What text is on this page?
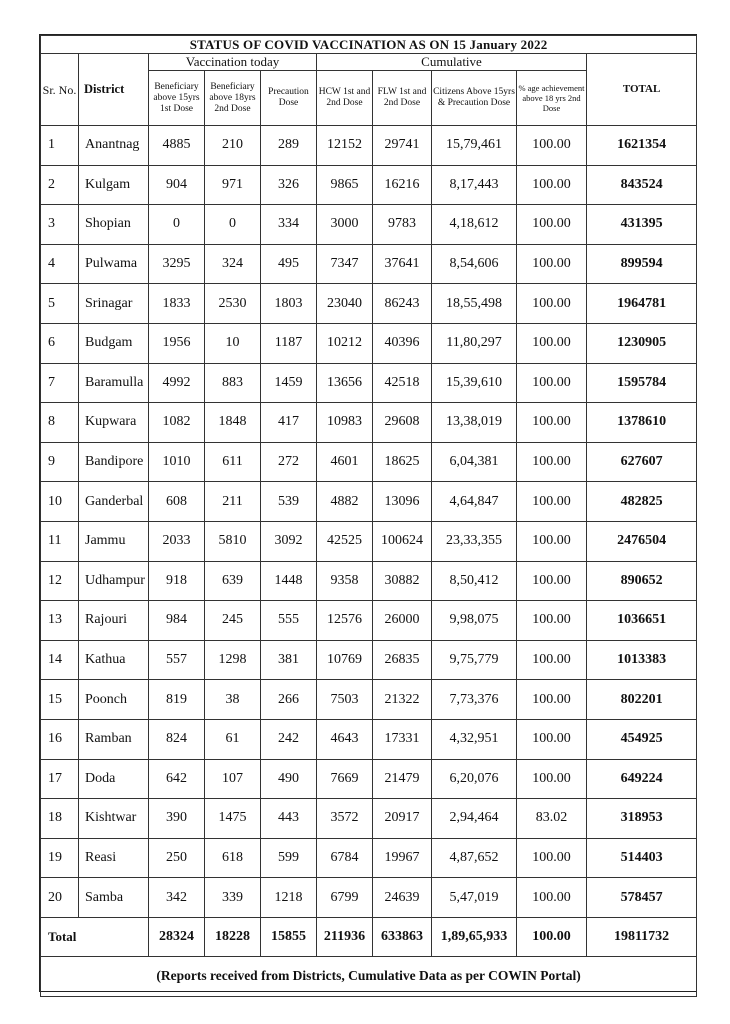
STATUS OF COVID VACCINATION AS ON 15 January 2022									
Sr. No.	District	Vaccination today			Cumulative				TOTAL
		Beneficiary above 15yrs 1st Dose	Beneficiary above 18yrs 2nd Dose	Precaution Dose	HCW 1st and 2nd Dose	FLW 1st and 2nd Dose	Citizens Above 15yrs & Precaution Dose	% age achievement above 18 yrs 2nd Dose	
1	Anantnag	4885	210	289	12152	29741	15,79,461	100.00	1621354
2	Kulgam	904	971	326	9865	16216	8,17,443	100.00	843524
3	Shopian	0	0	334	3000	9783	4,18,612	100.00	431395
4	Pulwama	3295	324	495	7347	37641	8,54,606	100.00	899594
5	Srinagar	1833	2530	1803	23040	86243	18,55,498	100.00	1964781
6	Budgam	1956	10	1187	10212	40396	11,80,297	100.00	1230905
7	Baramulla	4992	883	1459	13656	42518	15,39,610	100.00	1595784
8	Kupwara	1082	1848	417	10983	29608	13,38,019	100.00	1378610
9	Bandipore	1010	611	272	4601	18625	6,04,381	100.00	627607
10	Ganderbal	608	211	539	4882	13096	4,64,847	100.00	482825
11	Jammu	2033	5810	3092	42525	100624	23,33,355	100.00	2476504
12	Udhampur	918	639	1448	9358	30882	8,50,412	100.00	890652
13	Rajouri	984	245	555	12576	26000	9,98,075	100.00	1036651
14	Kathua	557	1298	381	10769	26835	9,75,779	100.00	1013383
15	Poonch	819	38	266	7503	21322	7,73,376	100.00	802201
16	Ramban	824	61	242	4643	17331	4,32,951	100.00	454925
17	Doda	642	107	490	7669	21479	6,20,076	100.00	649224
18	Kishtwar	390	1475	443	3572	20917	2,94,464	83.02	318953
19	Reasi	250	618	599	6784	19967	4,87,652	100.00	514403
20	Samba	342	339	1218	6799	24639	5,47,019	100.00	578457
Total		28324	18228	15855	211936	633863	1,89,65,933	100.00	19811732
(Reports received from Districts, Cumulative Data as per COWIN Portal)									
